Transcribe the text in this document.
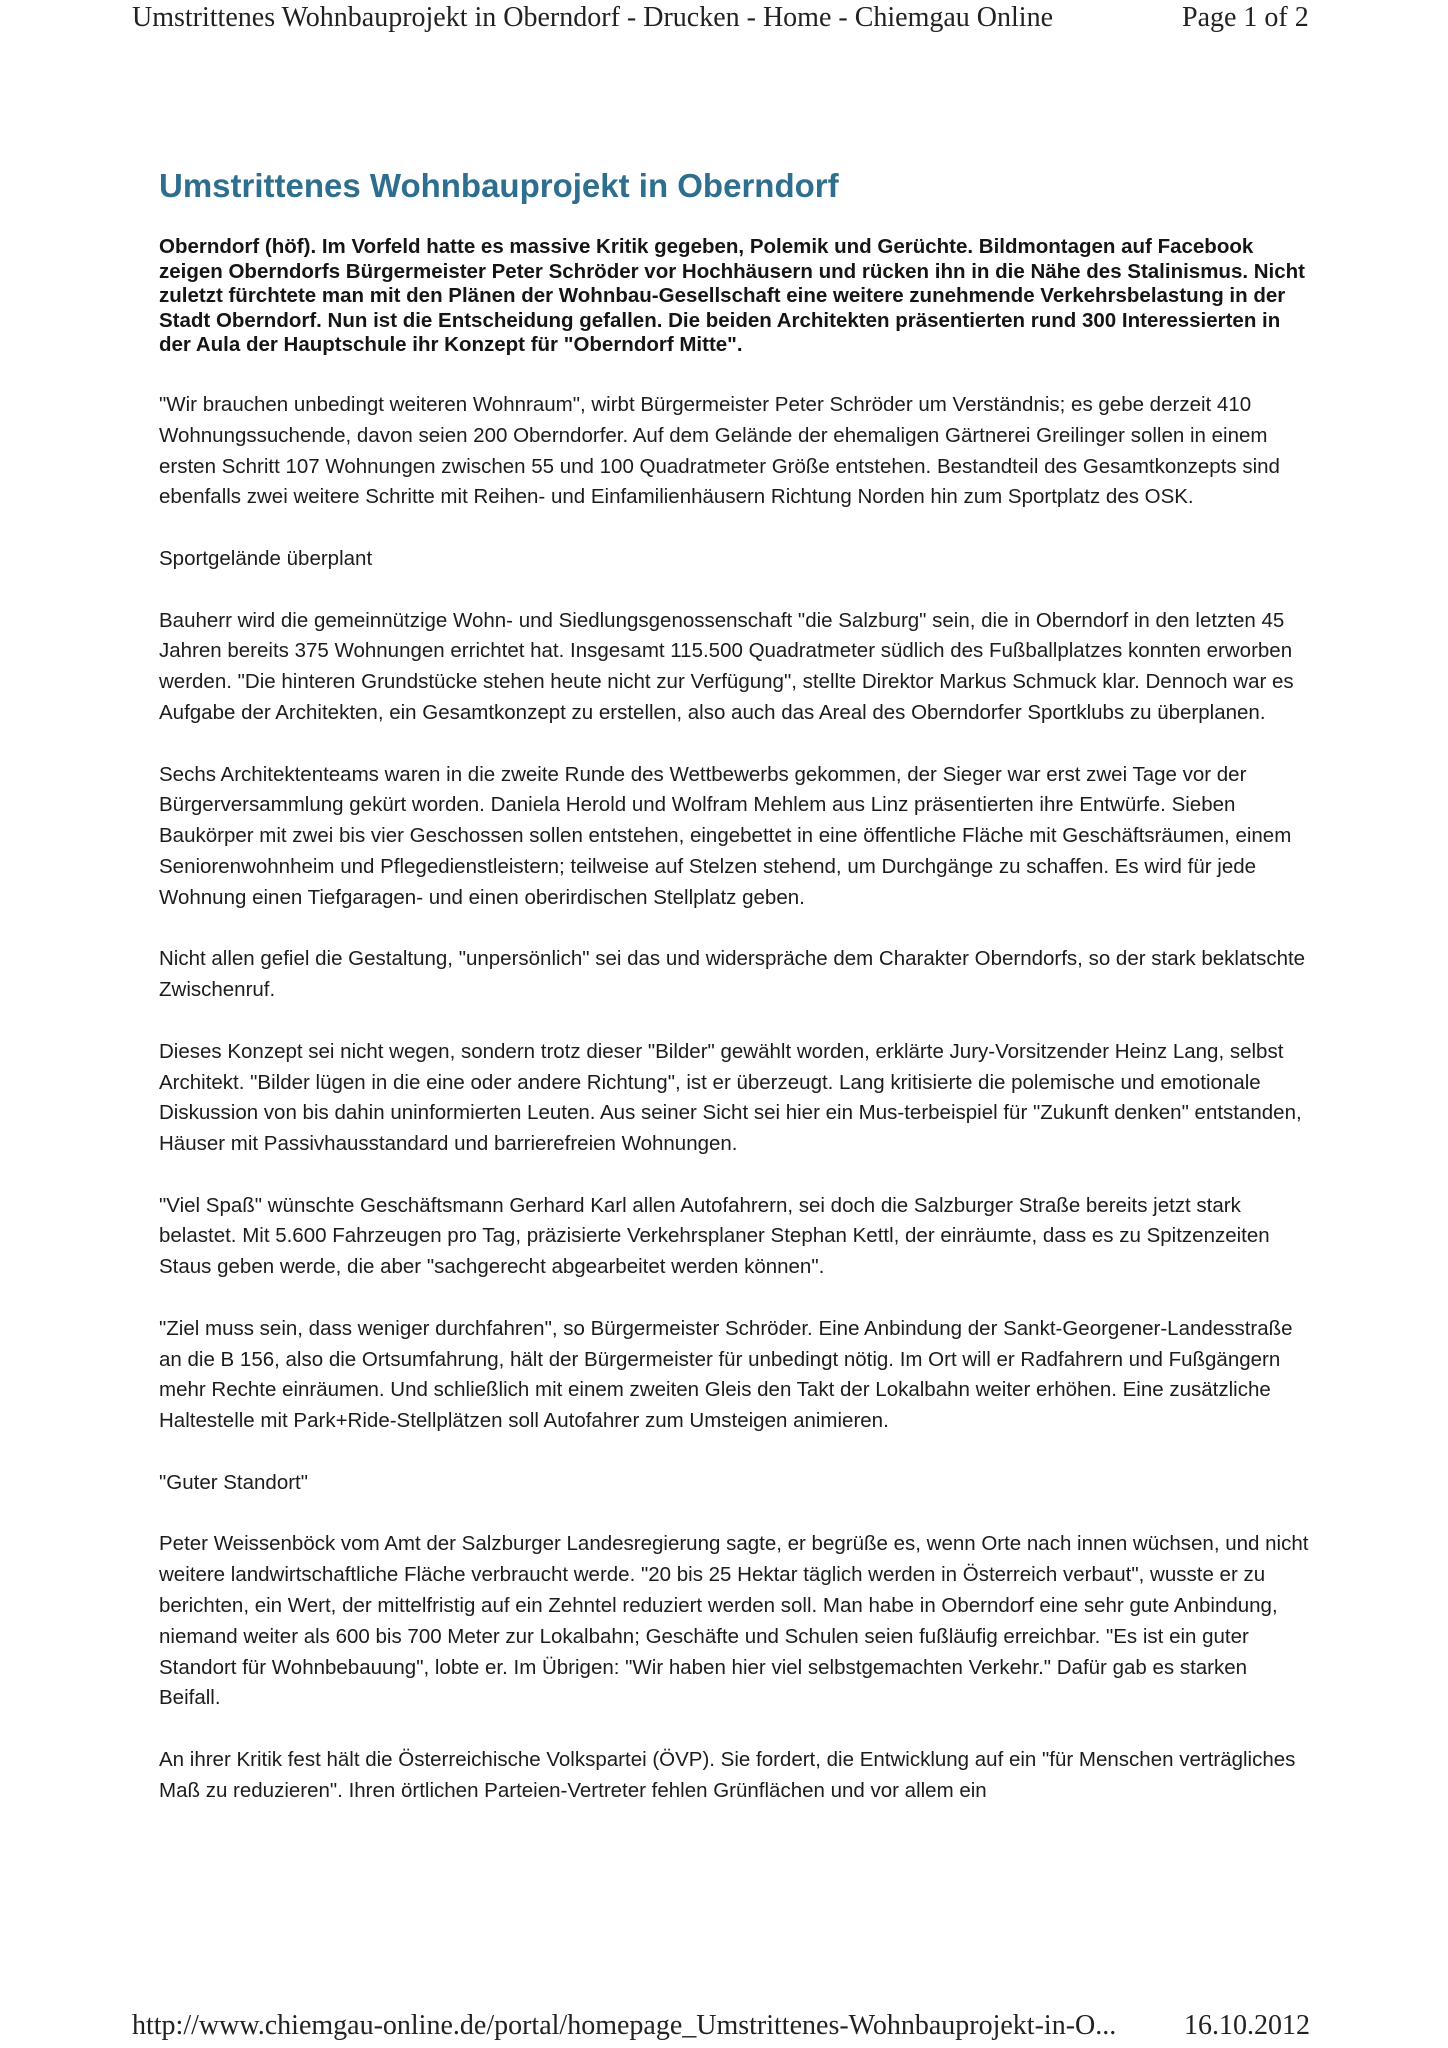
Umstrittenes Wohnbauprojekt in Oberndorf - Drucken - Home - Chiemgau Online	Page 1 of 2
Umstrittenes Wohnbauprojekt in Oberndorf

Oberndorf (höf). Im Vorfeld hatte es massive Kritik gegeben, Polemik und Gerüchte. Bildmontagen auf Facebook zeigen Oberndorfs Bürgermeister Peter Schröder vor Hochhäusern und rücken ihn in die Nähe des Stalinismus. Nicht zuletzt fürchtete man mit den Plänen der Wohnbau-Gesellschaft eine weitere zunehmende Verkehrsbelastung in der Stadt Oberndorf. Nun ist die Entscheidung gefallen. Die beiden Architekten präsentierten rund 300 Interessierten in der Aula der Hauptschule ihr Konzept für "Oberndorf Mitte".

"Wir brauchen unbedingt weiteren Wohnraum", wirbt Bürgermeister Peter Schröder um Verständnis; es gebe derzeit 410 Wohnungssuchende, davon seien 200 Oberndorfer. Auf dem Gelände der ehemaligen Gärtnerei Greilinger sollen in einem ersten Schritt 107 Wohnungen zwischen 55 und 100 Quadratmeter Größe entstehen. Bestandteil des Gesamtkonzepts sind ebenfalls zwei weitere Schritte mit Reihen- und Einfamilienhäusern Richtung Norden hin zum Sportplatz des OSK.

Sportgelände überplant

Bauherr wird die gemeinnützige Wohn- und Siedlungsgenossenschaft "die Salzburg" sein, die in Oberndorf in den letzten 45 Jahren bereits 375 Wohnungen errichtet hat. Insgesamt 115.500 Quadratmeter südlich des Fußballplatzes konnten erworben werden. "Die hinteren Grundstücke stehen heute nicht zur Verfügung", stellte Direktor Markus Schmuck klar. Dennoch war es Aufgabe der Architekten, ein Gesamtkonzept zu erstellen, also auch das Areal des Oberndorfer Sportklubs zu überplanen.

Sechs Architektenteams waren in die zweite Runde des Wettbewerbs gekommen, der Sieger war erst zwei Tage vor der Bürgerversammlung gekürt worden. Daniela Herold und Wolfram Mehlem aus Linz präsentierten ihre Entwürfe. Sieben Baukörper mit zwei bis vier Geschossen sollen entstehen, eingebettet in eine öffentliche Fläche mit Geschäftsräumen, einem Seniorenwohnheim und Pflegedienstleistern; teilweise auf Stelzen stehend, um Durchgänge zu schaffen. Es wird für jede Wohnung einen Tiefgaragen- und einen oberirdischen Stellplatz geben.

Nicht allen gefiel die Gestaltung, "unpersönlich" sei das und widerspräche dem Charakter Oberndorfs, so der stark beklatschte Zwischenruf.

Dieses Konzept sei nicht wegen, sondern trotz dieser "Bilder" gewählt worden, erklärte Jury-Vorsitzender Heinz Lang, selbst Architekt. "Bilder lügen in die eine oder andere Richtung", ist er überzeugt. Lang kritisierte die polemische und emotionale Diskussion von bis dahin uninformierten Leuten. Aus seiner Sicht sei hier ein Mus-terbeispiel für "Zukunft denken" entstanden, Häuser mit Passivhausstandard und barrierefreien Wohnungen.

"Viel Spaß" wünschte Geschäftsmann Gerhard Karl allen Autofahrern, sei doch die Salzburger Straße bereits jetzt stark belastet. Mit 5.600 Fahrzeugen pro Tag, präzisierte Verkehrsplaner Stephan Kettl, der einräumte, dass es zu Spitzenzeiten Staus geben werde, die aber "sachgerecht abgearbeitet werden können".

"Ziel muss sein, dass weniger durchfahren", so Bürgermeister Schröder. Eine Anbindung der Sankt-Georgener-Landesstraße an die B 156, also die Ortsumfahrung, hält der Bürgermeister für unbedingt nötig. Im Ort will er Radfahrern und Fußgängern mehr Rechte einräumen. Und schließlich mit einem zweiten Gleis den Takt der Lokalbahn weiter erhöhen. Eine zusätzliche Haltestelle mit Park+Ride-Stellplätzen soll Autofahrer zum Umsteigen animieren.

"Guter Standort"

Peter Weissenböck vom Amt der Salzburger Landesregierung sagte, er begrüße es, wenn Orte nach innen wüchsen, und nicht weitere landwirtschaftliche Fläche verbraucht werde. "20 bis 25 Hektar täglich werden in Österreich verbaut", wusste er zu berichten, ein Wert, der mittelfristig auf ein Zehntel reduziert werden soll. Man habe in Oberndorf eine sehr gute Anbindung, niemand weiter als 600 bis 700 Meter zur Lokalbahn; Geschäfte und Schulen seien fußläufig erreichbar. "Es ist ein guter Standort für Wohnbebauung", lobte er. Im Übrigen: "Wir haben hier viel selbstgemachten Verkehr." Dafür gab es starken Beifall.

An ihrer Kritik fest hält die Österreichische Volkspartei (ÖVP). Sie fordert, die Entwicklung auf ein "für Menschen verträgliches Maß zu reduzieren". Ihren örtlichen Parteien-Vertreter fehlen Grünflächen und vor allem ein

http://www.chiemgau-online.de/portal/homepage_Umstrittenes-Wohnbauprojekt-in-O... 16.10.2012
